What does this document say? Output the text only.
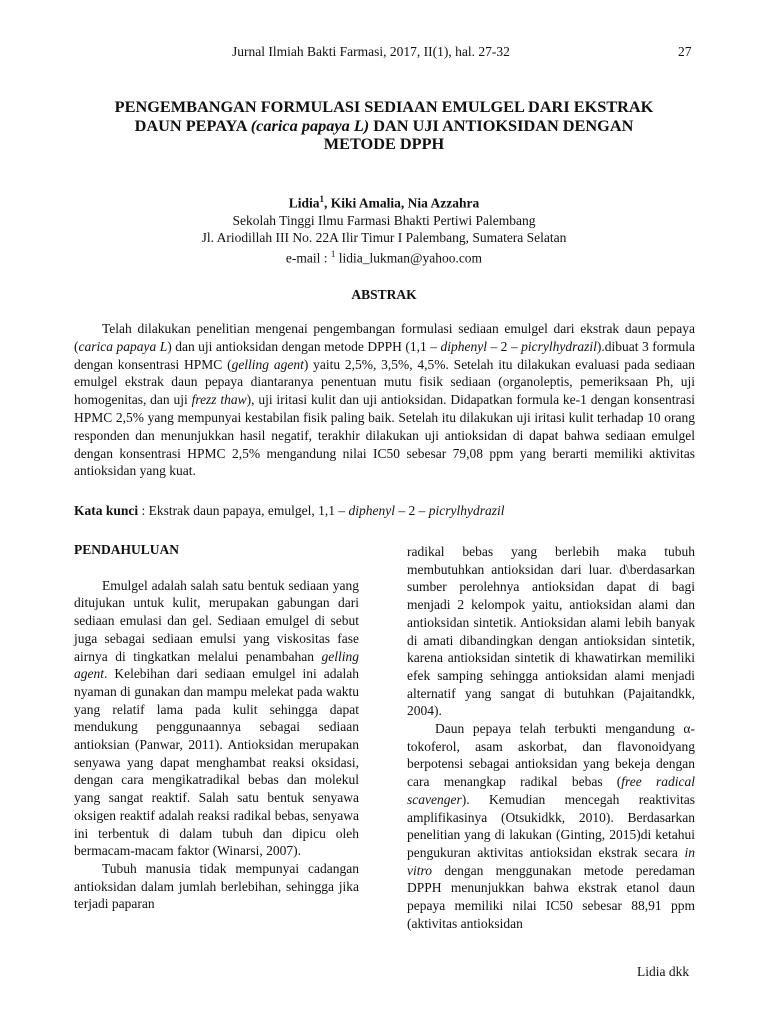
Jurnal Ilmiah Bakti Farmasi, 2017, II(1), hal. 27-32	27
PENGEMBANGAN FORMULASI SEDIAAN EMULGEL DARI EKSTRAK
DAUN PEPAYA (carica papaya L) DAN UJI ANTIOKSIDAN DENGAN
METODE DPPH
Lidia$^1$, Kiki Amalia, Nia Azzahra
Sekolah Tinggi Ilmu Farmasi Bhakti Pertiwi Palembang
Jl. Ariodillah III No. 22A Ilir Timur I Palembang, Sumatera Selatan
e-mail : $^1$ lidia_lukman@yahoo.com
ABSTRAK

Telah dilakukan penelitian mengenai pengembangan formulasi sediaan emulgel dari ekstrak daun pepaya (carica papaya L) dan uji antioksidan dengan metode DPPH (1,1 – diphenyl – 2 – picrylhydrazil).dibuat 3 formula dengan konsentrasi HPMC (gelling agent) yaitu 2,5%, 3,5%, 4,5%. Setelah itu dilakukan evaluasi pada sediaan emulgel ekstrak daun pepaya diantaranya penentuan mutu fisik sediaan (organoleptis, pemeriksaan Ph, uji homogenitas, dan uji frezz thaw), uji iritasi kulit dan uji antioksidan. Didapatkan formula ke-1 dengan konsentrasi HPMC 2,5% yang mempunyai kestabilan fisik paling baik. Setelah itu dilakukan uji iritasi kulit terhadap 10 orang responden dan menunjukkan hasil negatif, terakhir dilakukan uji antioksidan di dapat bahwa sediaan emulgel dengan konsentrasi HPMC 2,5% mengandung nilai IC50 sebesar 79,08 ppm yang berarti memiliki aktivitas antioksidan yang kuat.

Kata kunci : Ekstrak daun papaya, emulgel, 1,1 – diphenyl – 2 – picrylhydrazil

PENDAHULUAN

Emulgel adalah salah satu bentuk sediaan yang ditujukan untuk kulit, merupakan gabungan dari sediaan emulasi dan gel. Sediaan emulgel di sebut juga sebagai sediaan emulsi yang viskositas fase airnya di tingkatkan melalui penambahan gelling agent. Kelebihan dari sediaan emulgel ini adalah nyaman di gunakan dan mampu melekat pada waktu yang relatif lama pada kulit sehingga dapat mendukung penggunaannya sebagai sediaan antioksian (Panwar, 2011). Antioksidan merupakan senyawa yang dapat menghambat reaksi oksidasi, dengan cara mengikatradikal bebas dan molekul yang sangat reaktif. Salah satu bentuk senyawa oksigen reaktif adalah reaksi radikal bebas, senyawa ini terbentuk di dalam tubuh dan dipicu oleh bermacam-macam faktor (Winarsi, 2007).

Tubuh manusia tidak mempunyai cadangan antioksidan dalam jumlah berlebihan, sehingga jika terjadi paparan

radikal bebas yang berlebih maka tubuh membutuhkan antioksidan dari luar. d\berdasarkan sumber perolehnya antioksidan dapat di bagi menjadi 2 kelompok yaitu, antioksidan alami dan antioksidan sintetik. Antioksidan alami lebih banyak di amati dibandingkan dengan antioksidan sintetik, karena antioksidan sintetik di khawatirkan memiliki efek samping sehingga antioksidan alami menjadi alternatif yang sangat di butuhkan (Pajaitandkk, 2004).

Daun pepaya telah terbukti mengandung α-tokoferol, asam askorbat, dan flavonoidyang berpotensi sebagai antioksidan yang bekeja dengan cara menangkap radikal bebas (free radical scavenger). Kemudian mencegah reaktivitas amplifikasinya (Otsukidkk, 2010). Berdasarkan penelitian yang di lakukan (Ginting, 2015)di ketahui pengukuran aktivitas antioksidan ekstrak secara in vitro dengan menggunakan metode peredaman DPPH menunjukkan bahwa ekstrak etanol daun pepaya memiliki nilai IC50 sebesar 88,91 ppm (aktivitas antioksidan

Lidia dkk
